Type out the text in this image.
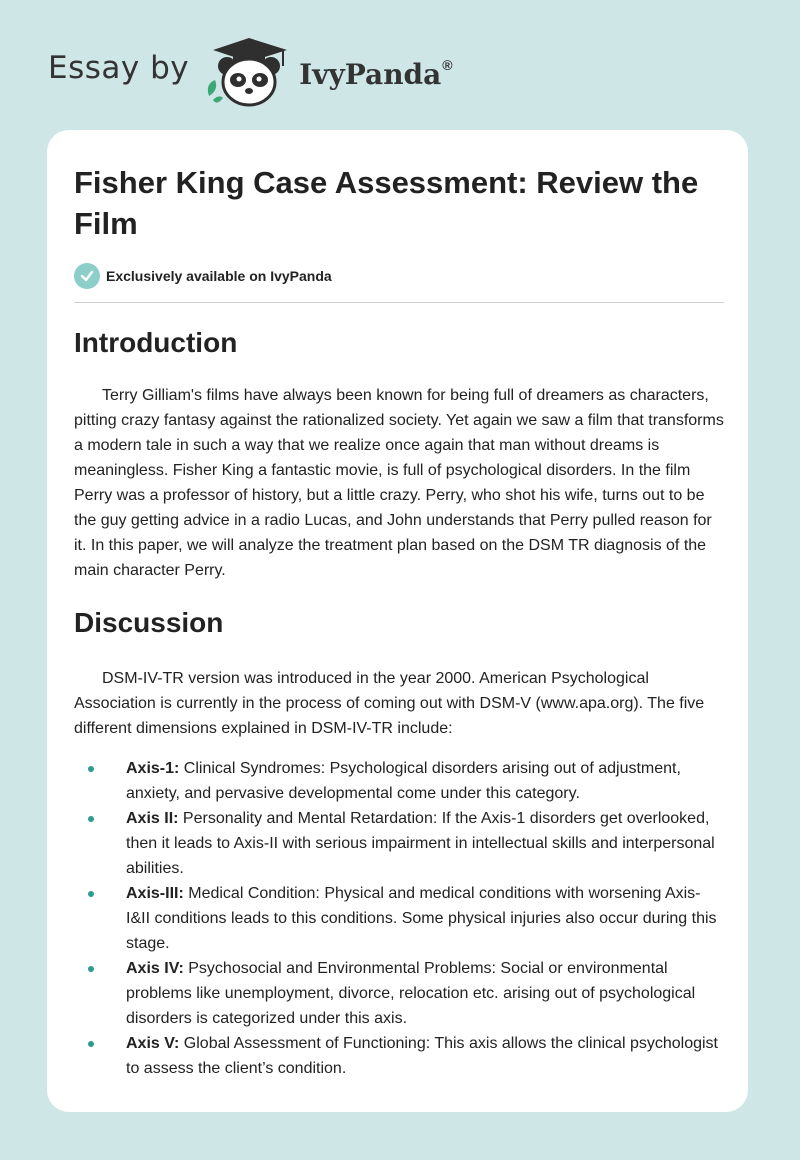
Essay by	IvyPanda®
Fisher King Case Assessment: Review the Film
Exclusively available on IvyPanda
Introduction

Terry Gilliam's films have always been known for being full of dreamers as characters, pitting crazy fantasy against the rationalized society. Yet again we saw a film that transforms a modern tale in such a way that we realize once again that man without dreams is meaningless. Fisher King a fantastic movie, is full of psychological disorders. In the film Perry was a professor of history, but a little crazy. Perry, who shot his wife, turns out to be the guy getting advice in a radio Lucas, and John understands that Perry pulled reason for it. In this paper, we will analyze the treatment plan based on the DSM TR diagnosis of the main character Perry.

Discussion

DSM-IV-TR version was introduced in the year 2000. American Psychological Association is currently in the process of coming out with DSM-V (www.apa.org). The five different dimensions explained in DSM-IV-TR include:

Axis-1: Clinical Syndromes: Psychological disorders arising out of adjustment, anxiety, and pervasive developmental come under this category.
Axis II: Personality and Mental Retardation: If the Axis-1 disorders get overlooked, then it leads to Axis-II with serious impairment in intellectual skills and interpersonal abilities.
Axis-III: Medical Condition: Physical and medical conditions with worsening Axis-I&II conditions leads to this conditions. Some physical injuries also occur during this stage.
Axis IV: Psychosocial and Environmental Problems: Social or environmental problems like unemployment, divorce, relocation etc. arising out of psychological disorders is categorized under this axis.
Axis V: Global Assessment of Functioning: This axis allows the clinical psychologist to assess the client’s condition.
